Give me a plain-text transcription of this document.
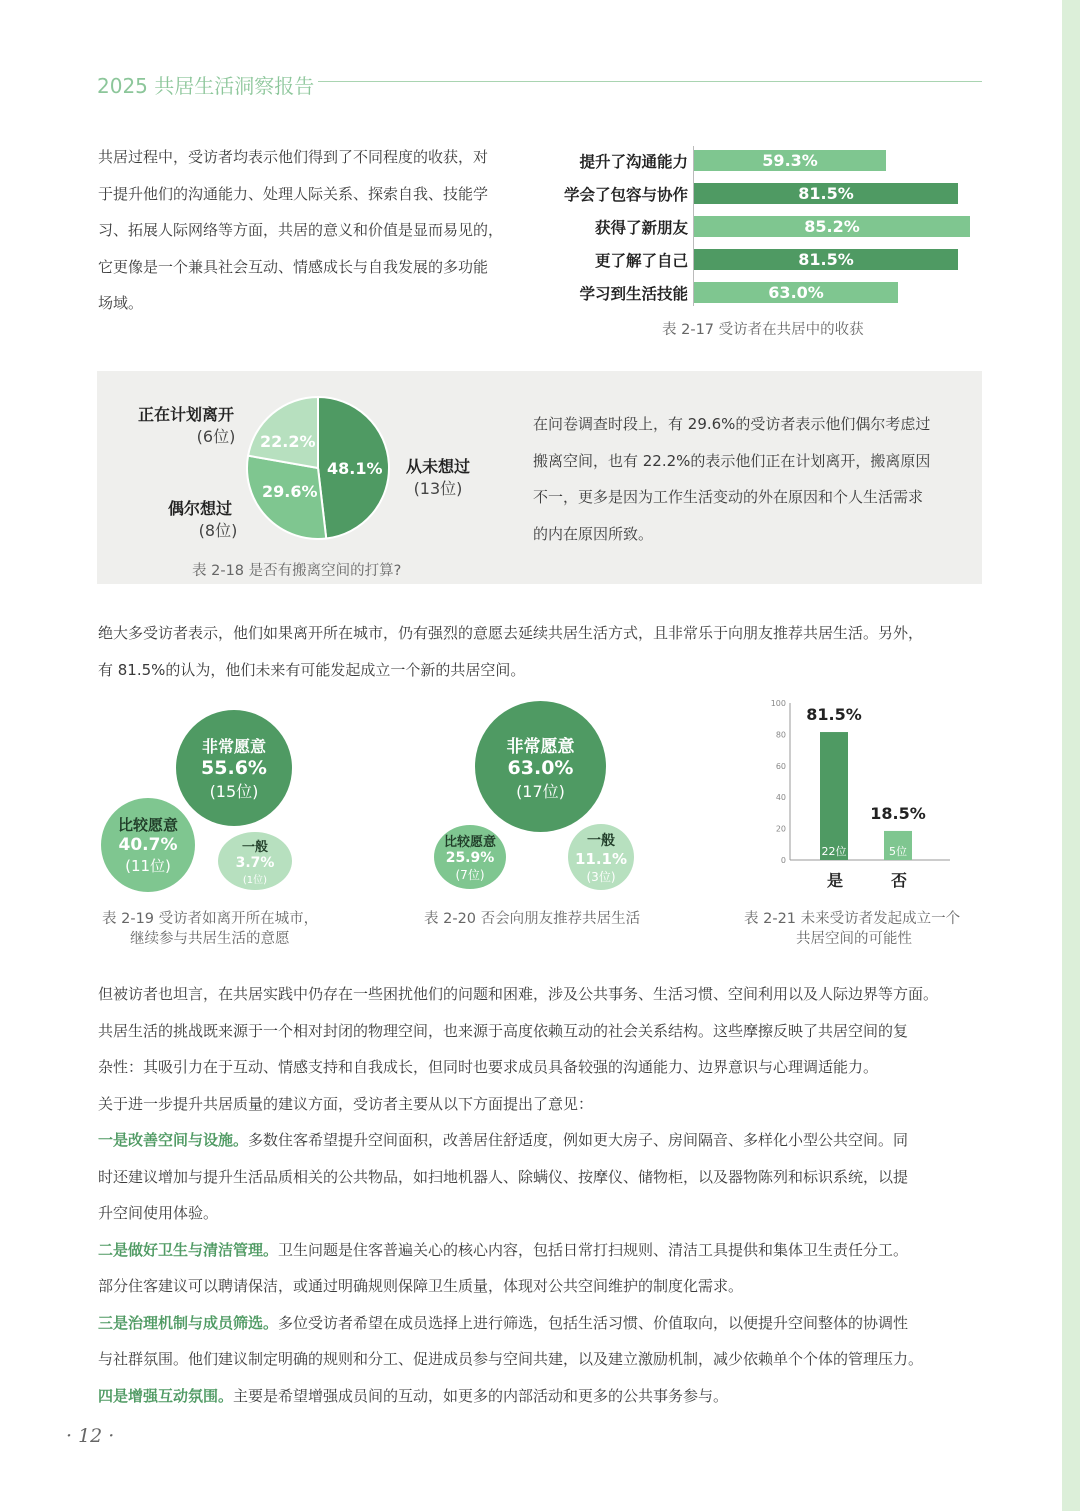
2025 共居生活洞察报告
共居过程中，受访者均表示他们得到了不同程度的收获，对
于提升他们的沟通能力、处理人际关系、探索自我、技能学
习、拓展人际网络等方面，共居的意义和价值是显而易见的，
它更像是一个兼具社会互动、情感成长与自我发展的多功能
场域。
提升了沟通能力
学会了包容与协作
获得了新朋友
更了解了自己
学习到生活技能
59.3%
81.5%
85.2%
81.5%
63.0%
表 2-17 受访者在共居中的收获
48.1%
29.6%
22.2%
正在计划离开
(6位)
从未想过
(13位)
偶尔想过
(8位)
表 2-18 是否有搬离空间的打算?
在问卷调查时段上，有 29.6%的受访者表示他们偶尔考虑过
搬离空间，也有 22.2%的表示他们正在计划离开，搬离原因
不一，更多是因为工作生活变动的外在原因和个人生活需求
的内在原因所致。
绝大多受访者表示，他们如果离开所在城市，仍有强烈的意愿去延续共居生活方式，且非常乐于向朋友推荐共居生活。另外，
有 81.5%的认为，他们未来有可能发起成立一个新的共居空间。
非常愿意
55.6%
(15位)
比较愿意
40.7%
(11位)
一般
3.7%
(1位)
表 2-19 受访者如离开所在城市，
继续参与共居生活的意愿
非常愿意
63.0%
(17位)
比较愿意
25.9%
(7位)
一般
11.1%
(3位)
表 2-20 否会向朋友推荐共居生活
0
20
40
60
80
100
81.5%
18.5%
22位	5位
是	否
表 2-21 未来受访者发起成立一个
共居空间的可能性
但被访者也坦言，在共居实践中仍存在一些困扰他们的问题和困难，涉及公共事务、生活习惯、空间利用以及人际边界等方面。
共居生活的挑战既来源于一个相对封闭的物理空间，也来源于高度依赖互动的社会关系结构。这些摩擦反映了共居空间的复
杂性：其吸引力在于互动、情感支持和自我成长，但同时也要求成员具备较强的沟通能力、边界意识与心理调适能力。
关于进一步提升共居质量的建议方面，受访者主要从以下方面提出了意见：
一是改善空间与设施。多数住客希望提升空间面积，改善居住舒适度，例如更大房子、房间隔音、多样化小型公共空间。同
时还建议增加与提升生活品质相关的公共物品，如扫地机器人、除螨仪、按摩仪、储物柜，以及器物陈列和标识系统，以提
升空间使用体验。
二是做好卫生与清洁管理。卫生问题是住客普遍关心的核心内容，包括日常打扫规则、清洁工具提供和集体卫生责任分工。
部分住客建议可以聘请保洁，或通过明确规则保障卫生质量，体现对公共空间维护的制度化需求。
三是治理机制与成员筛选。多位受访者希望在成员选择上进行筛选，包括生活习惯、价值取向，以便提升空间整体的协调性
与社群氛围。他们建议制定明确的规则和分工、促进成员参与空间共建，以及建立激励机制，减少依赖单个个体的管理压力。
四是增强互动氛围。主要是希望增强成员间的互动，如更多的内部活动和更多的公共事务参与。
· 12 ·
